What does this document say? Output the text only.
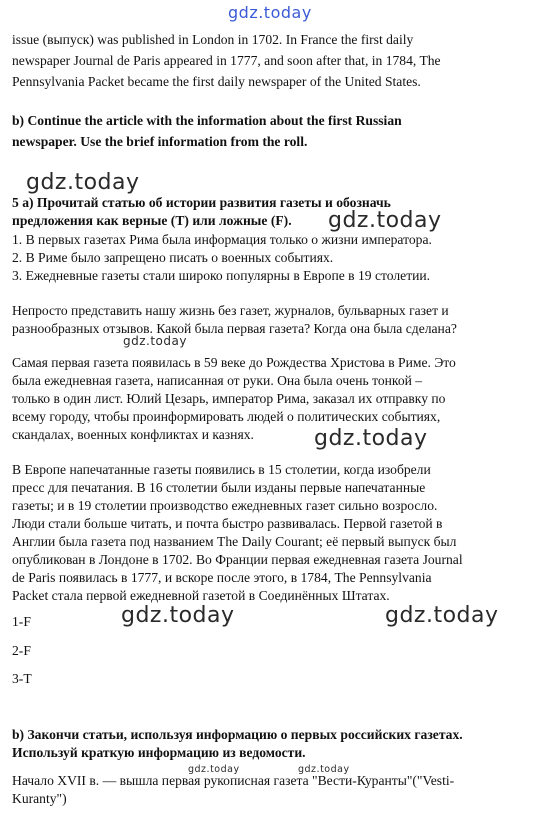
gdz.today

issue (выпуск) was published in London in 1702. In France the first daily
newspaper Journal de Paris appeared in 1777, and soon after that, in 1784, The
Pennsylvania Packet became the first daily newspaper of the United States.

b) Continue the article with the information about the first Russian
newspaper. Use the brief information from the roll.

gdz.today

5 а) Прочитай статью об истории развития газеты и обозначь
предложения как верные (T) или ложные (F).	gdz.today

1. В первых газетах Рима была информация только о жизни императора.
2. В Риме было запрещено писать о военных событиях.
3. Ежедневные газеты стали широко популярны в Европе в 19 столетии.

Непросто представить нашу жизнь без газет, журналов, бульварных газет и
разнообразных отзывов. Какой была первая газета? Когда она была сделана?

gdz.today

Самая первая газета появилась в 59 веке до Рождества Христова в Риме. Это
была ежедневная газета, написанная от руки. Она была очень тонкой –
только в один лист. Юлий Цезарь, император Рима, заказал их отправку по
всему городу, чтобы проинформировать людей о политических событиях,
скандалах, военных конфликтах и казнях.	gdz.today

В Европе напечатанные газеты появились в 15 столетии, когда изобрели
пресс для печатания. В 16 столетии были изданы первые напечатанные
газеты; и в 19 столетии производство ежедневных газет сильно возросло.
Люди стали больше читать, и почта быстро развивалась. Первой газетой в
Англии была газета под названием The Daily Courant; её первый выпуск был
опубликован в Лондоне в 1702. Во Франции первая ежедневная газета Journal
de Paris появилась в 1777, и вскоре после этого, в 1784, The Pennsylvania
Packet стала первой ежедневной газетой в Соединённых Штатах.

gdz.today	gdz.today

1-F

2-F

3-T

b) Закончи статьи, используя информацию о первых российских газетах.
Используй краткую информацию из ведомости.

gdz.today	gdz.today

Начало XVII в. — вышла первая рукописная газета "Вести-Куранты"("Vesti-
Kuranty")
